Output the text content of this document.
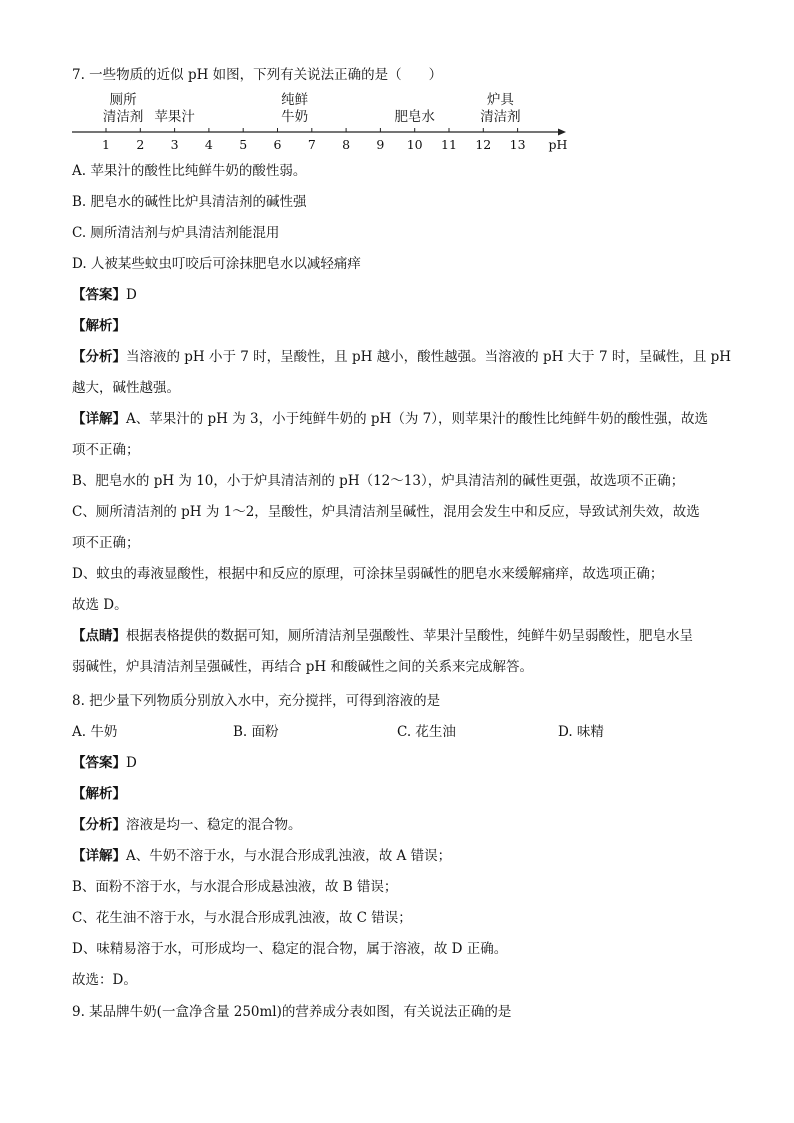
7. 一些物质的近似 pH 如图，下列有关说法正确的是（　　）
1 2 3 4 5 6 7 8 9 10 11 12 13 pH
厕所
清洁剂 苹果汁
纯鲜
牛奶	肥皂水
炉具
清洁剂
A. 苹果汁的酸性比纯鲜牛奶的酸性弱。
B. 肥皂水的碱性比炉具清洁剂的碱性强
C. 厕所清洁剂与炉具清洁剂能混用
D. 人被某些蚊虫叮咬后可涂抹肥皂水以减轻痛痒
【答案】D
【解析】
【分析】当溶液的 pH 小于 7 时，呈酸性，且 pH 越小，酸性越强。当溶液的 pH 大于 7 时，呈碱性，且 pH
越大，碱性越强。
【详解】A、苹果汁的 pH 为 3，小于纯鲜牛奶的 pH（为 7），则苹果汁的酸性比纯鲜牛奶的酸性强，故选
项不正确；
B、肥皂水的 pH 为 10，小于炉具清洁剂的 pH（12～13），炉具清洁剂的碱性更强，故选项不正确；
C、厕所清洁剂的 pH 为 1～2，呈酸性，炉具清洁剂呈碱性，混用会发生中和反应，导致试剂失效，故选
项不正确；
D、蚊虫的毒液显酸性，根据中和反应的原理，可涂抹呈弱碱性的肥皂水来缓解痛痒，故选项正确；
故选 D。
【点睛】根据表格提供的数据可知，厕所清洁剂呈强酸性、苹果汁呈酸性，纯鲜牛奶呈弱酸性，肥皂水呈
弱碱性，炉具清洁剂呈强碱性，再结合 pH 和酸碱性之间的关系来完成解答。
8. 把少量下列物质分别放入水中，充分搅拌，可得到溶液的是
A. 牛奶	B. 面粉	C. 花生油	D. 味精
【答案】D
【解析】
【分析】溶液是均一、稳定的混合物。
【详解】A、牛奶不溶于水，与水混合形成乳浊液，故 A 错误；
B、面粉不溶于水，与水混合形成悬浊液，故 B 错误；
C、花生油不溶于水，与水混合形成乳浊液，故 C 错误；
D、味精易溶于水，可形成均一、稳定的混合物，属于溶液，故 D 正确。
故选：D。
9. 某品牌牛奶(一盒净含量 250ml)的营养成分表如图，有关说法正确的是
